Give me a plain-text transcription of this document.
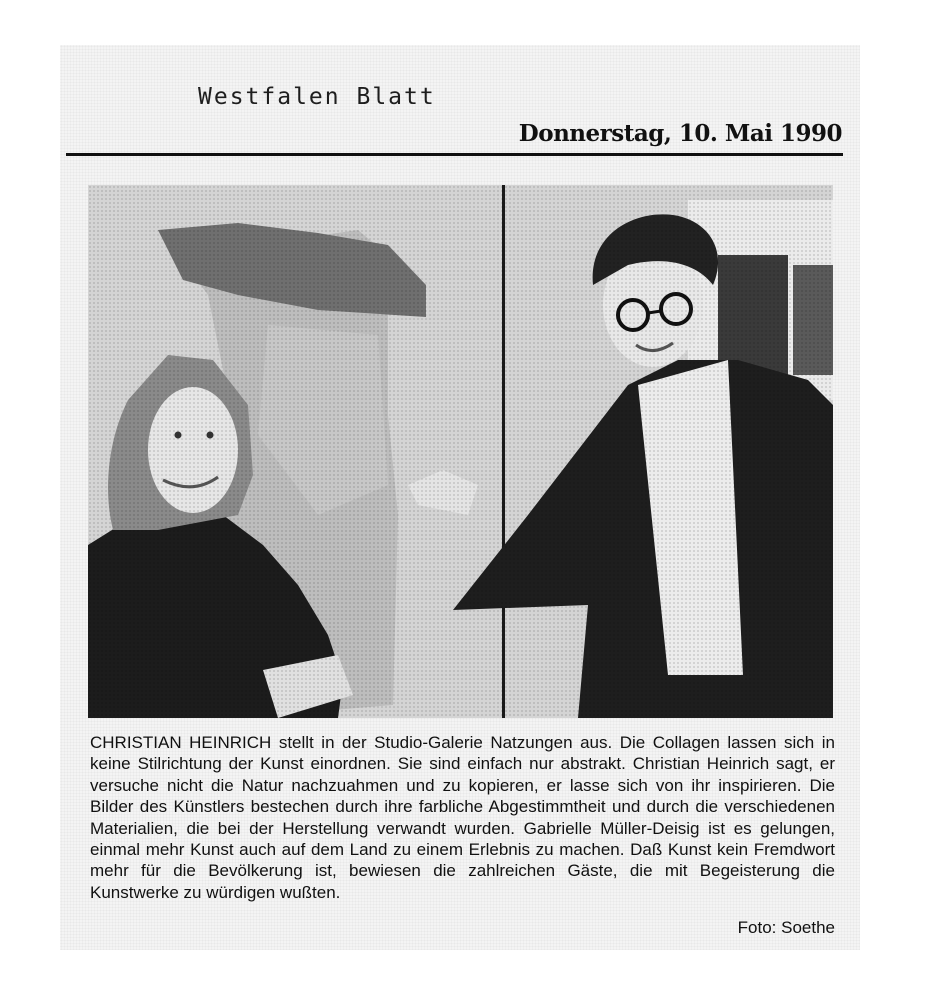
Westfalen Blatt
Donnerstag, 10. Mai 1990
CHRISTIAN HEINRICH stellt in der Studio-Galerie Natzungen aus. Die Collagen lassen sich in keine Stilrichtung der Kunst einordnen. Sie sind einfach nur abstrakt. Christian Heinrich sagt, er versuche nicht die Natur nachzuahmen und zu kopieren, er lasse sich von ihr inspirieren. Die Bilder des Künstlers bestechen durch ihre farbliche Abgestimmtheit und durch die verschiedenen Materialien, die bei der Herstellung verwandt wurden. Gabrielle Müller-Deisig ist es gelungen, einmal mehr Kunst auch auf dem Land zu einem Erlebnis zu machen. Daß Kunst kein Fremdwort mehr für die Bevölkerung ist, bewiesen die zahlreichen Gäste, die mit Begeisterung die Kunstwerke zu würdigen wußten.
Foto: Soethe
